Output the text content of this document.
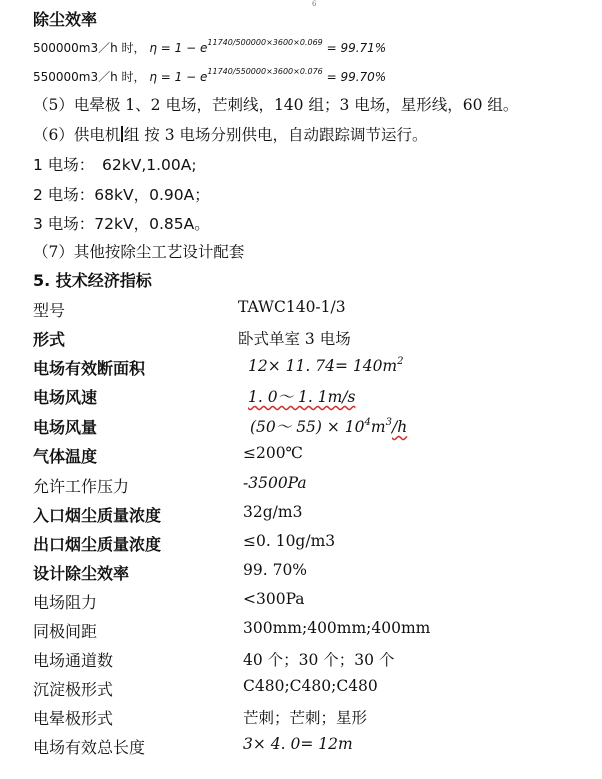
6
除尘效率
500000m3／h 时， $\eta = 1 - e^{11740/500000\times 3600\times 0.069} = 99.71\%$
550000m3／h 时， $\eta = 1 - e^{11740/550000\times 3600\times 0.076} = 99.70\%$
（5）电晕极 1、2 电场，芒刺线，140 组；3 电场，星形线，60 组。
（6）供电机 组 按 3 电场分别供电，自动跟踪调节运行。
1 电场：　62kV,1.00A;
2 电场：68kV，0.90A；
3 电场：72kV，0.85A。
（7）其他按除尘工艺设计配套
5. 技术经济指标
型号	TAWC140-1/3
形式	卧式单室 3 电场
电场有效断面积	12× 11. $74= 140m^2$
电场风速	1. 0～ 1. 1m/s
电场风量	(50～ $55) \times 10^4m^3/h$
气体温度	≤200℃
允许工作压力	-3500Pa
入口烟尘质量浓度	32g/m3
出口烟尘质量浓度	≤0. 10g/m3
设计除尘效率	99. 70%
电场阻力	<300Pa
同极间距	300mm;400mm;400mm
电场通道数	40 个；30 个；30 个
沉淀极形式	C480;C480;C480
电晕极形式	芒刺；芒刺；星形
电场有效总长度	3× 4. 0= 12m
